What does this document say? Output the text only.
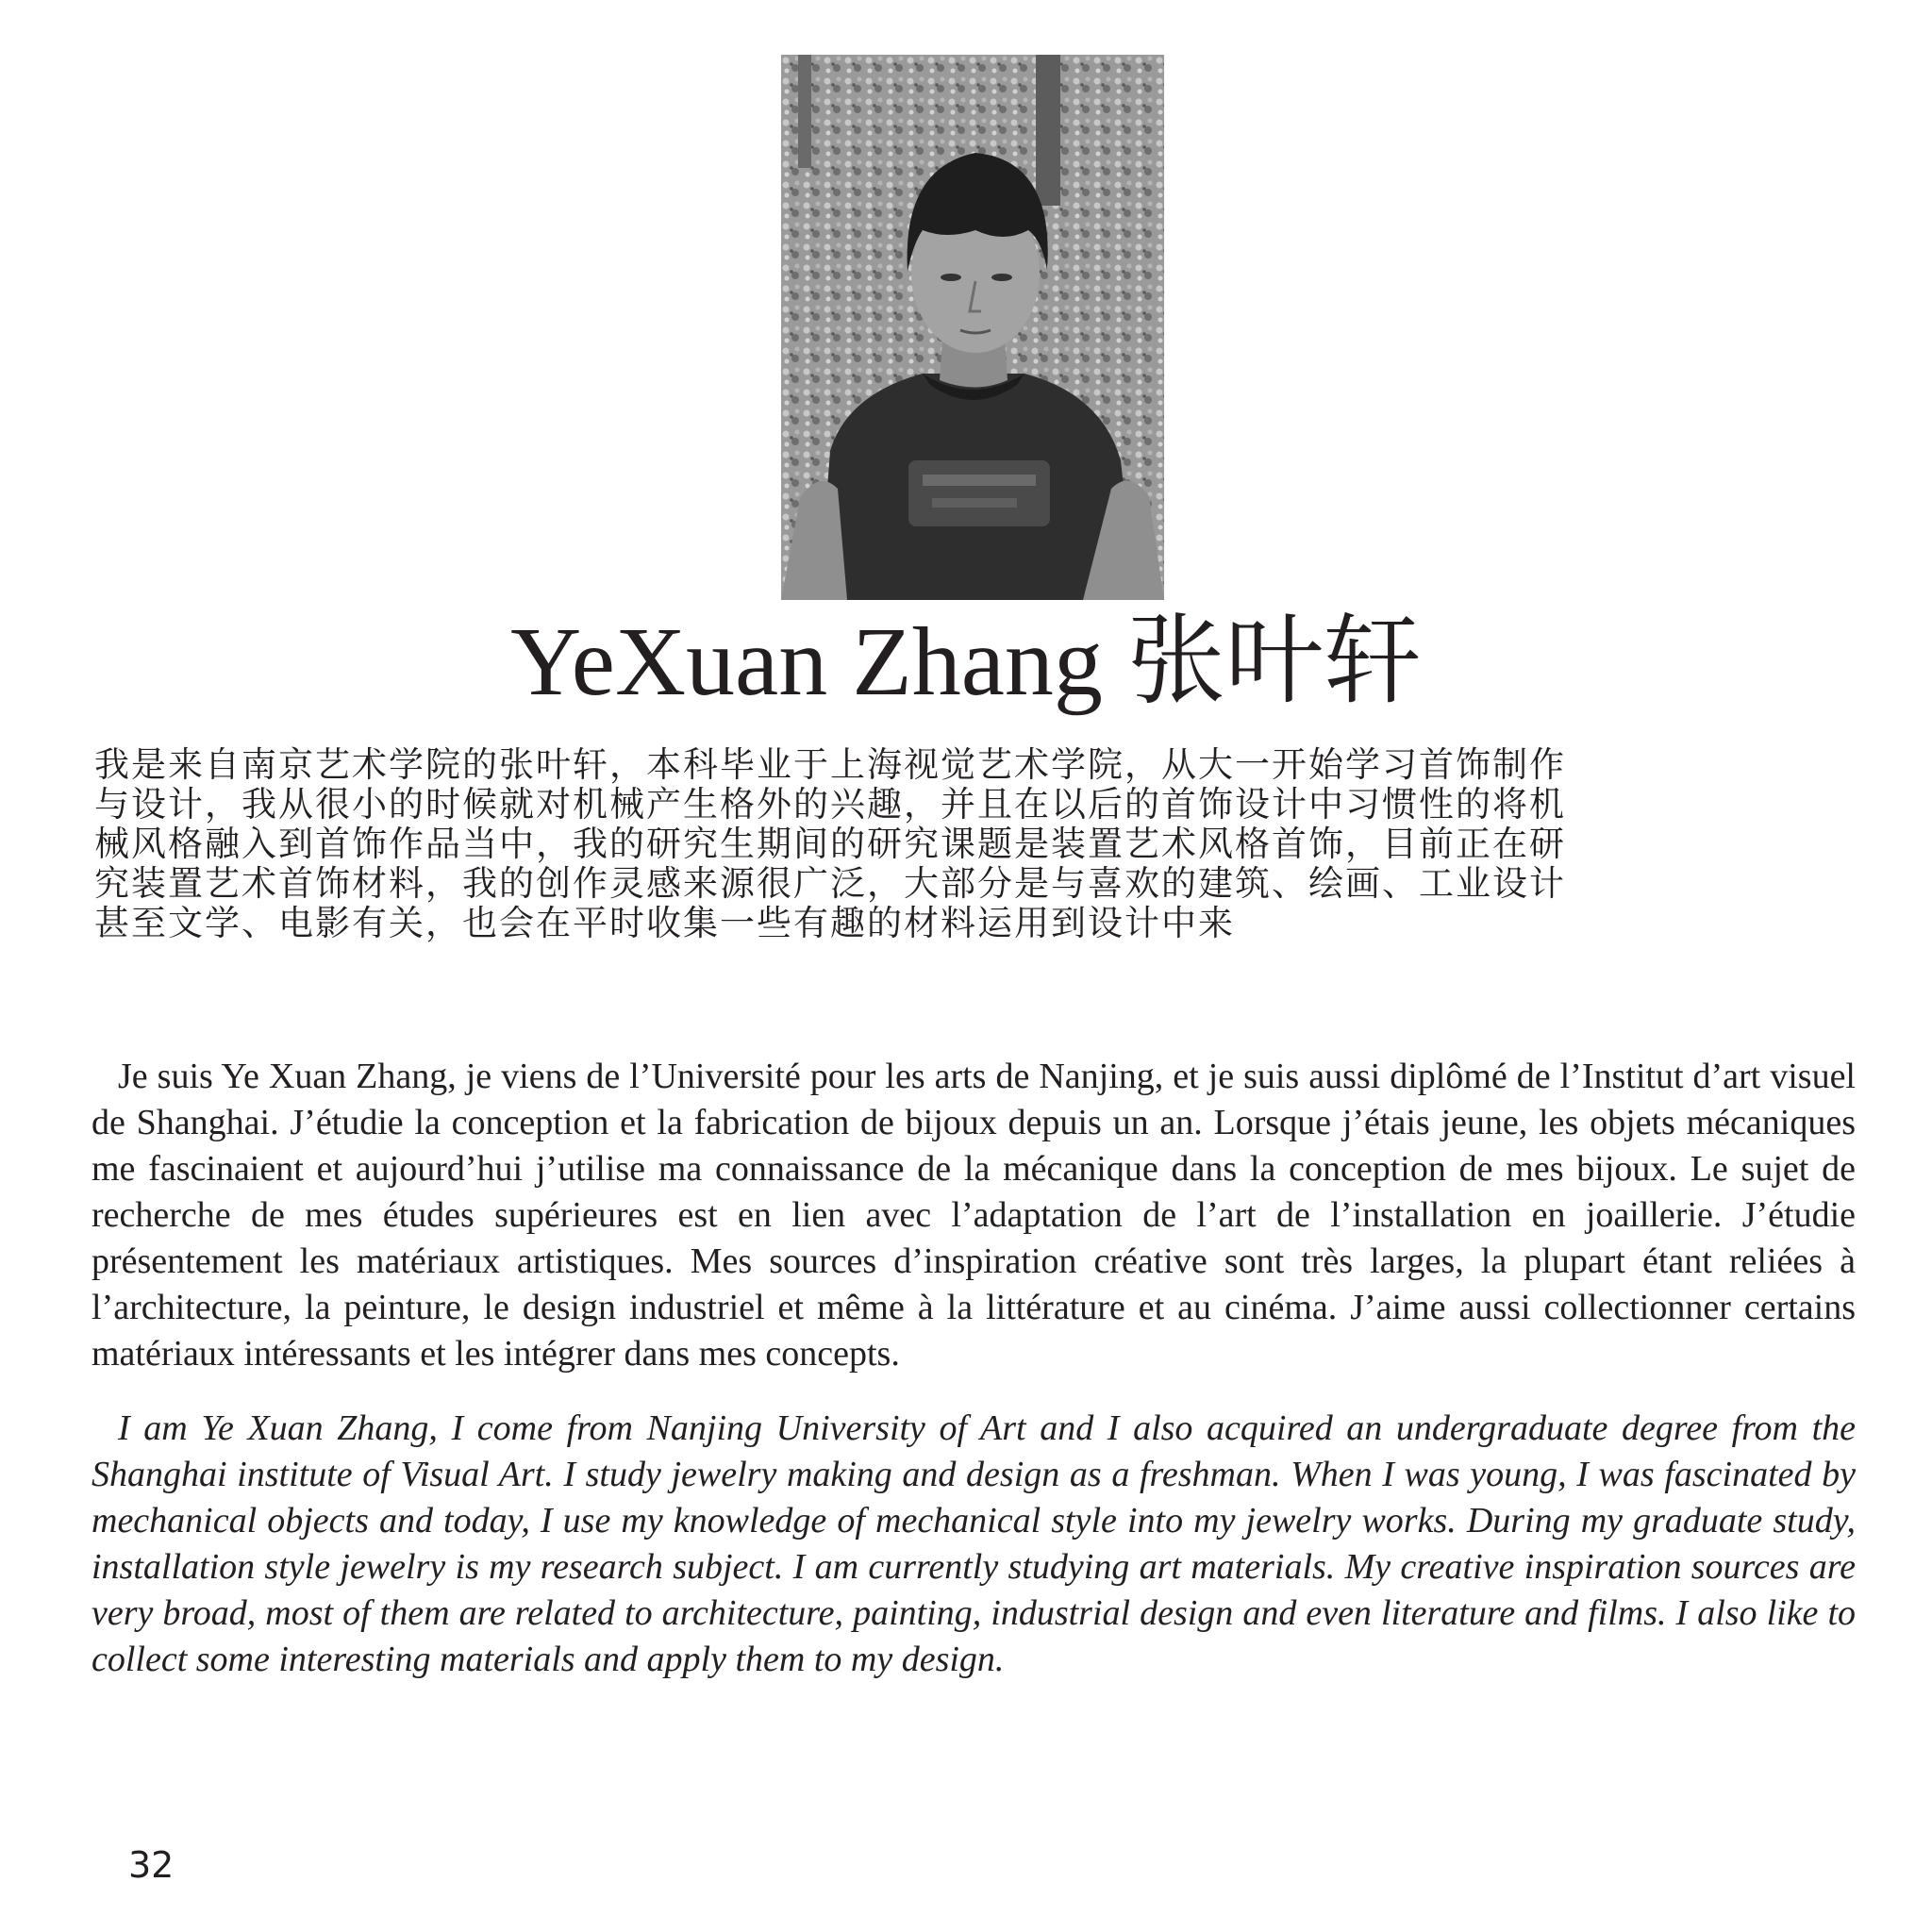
YeXuan Zhang 张叶轩

我是来自南京艺术学院的张叶轩，本科毕业于上海视觉艺术学院，从大一开始学习首饰制作与设计，我从很小的时候就对机械产生格外的兴趣，并且在以后的首饰设计中习惯性的将机械风格融入到首饰作品当中，我的研究生期间的研究课题是装置艺术风格首饰，目前正在研究装置艺术首饰材料，我的创作灵感来源很广泛，大部分是与喜欢的建筑、绘画、工业设计甚至文学、电影有关，也会在平时收集一些有趣的材料运用到设计中来

Je suis Ye Xuan Zhang, je viens de l’Université pour les arts de Nanjing, et je suis aussi diplômé de l’Institut d’art visuel de Shanghai. J’étudie la conception et la fabrication de bijoux depuis un an. Lorsque j’étais jeune, les objets mécaniques me fascinaient et aujourd’hui j’utilise ma connaissance de la mécanique dans la conception de mes bijoux. Le sujet de recherche de mes études supérieures est en lien avec l’adaptation de l’art de l’installation en joaillerie. J’étudie présentement les matériaux artistiques. Mes sources d’inspiration créative sont très larges, la plupart étant reliées à l’architecture, la peinture, le design industriel et même à la littérature et au cinéma. J’aime aussi collectionner certains matériaux intéressants et les intégrer dans mes concepts.

I am Ye Xuan Zhang, I come from Nanjing University of Art and I also acquired an undergraduate degree from the Shanghai institute of Visual Art. I study jewelry making and design as a freshman. When I was young, I was fascinated by mechanical objects and today, I use my knowledge of mechanical style into my jewelry works. During my graduate study, installation style jewelry is my research subject. I am currently studying art materials. My creative inspiration sources are very broad, most of them are related to architecture, painting, industrial design and even literature and films. I also like to collect some interesting materials and apply them to my design.

32
